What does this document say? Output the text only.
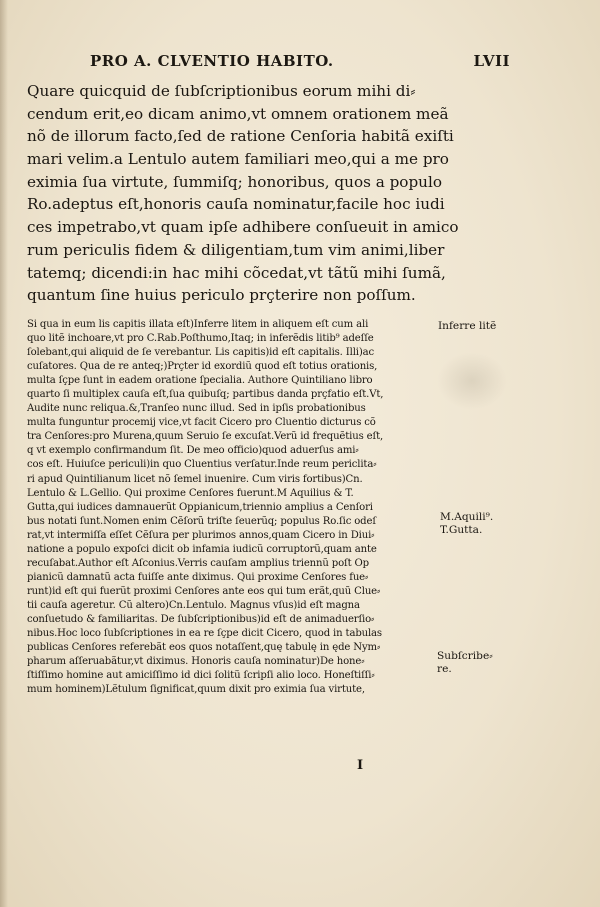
PRO A. CLVENTIO HABITO.	LVII
Quare quicquid de ſubſcriptionibus eorum mihi di⸗
cendum erit,eo dicam animo,vt omnem orationem meã
nõ de illorum facto,ſed de ratione Cenſoria habitã exiſti
mari velim.a Lentulo autem familiari meo,qui a me pro
eximia ſua virtute, ſummiſq; honoribus, quos a populo
Ro.adeptus eſt,honoris cauſa nominatur,facile hoc iudi
ces impetrabo,vt quam ipſe adhibere conſueuit in amico
rum periculis fidem & diligentiam,tum vim animi,liber
tatemq; dicendi:in hac mihi cõcedat,vt tãtũ mihi ſumã,
quantum ſine huius periculo prçterire non poſſum.
Si qua in eum lis capitis illata eſt)Inferre litem in aliquem eſt cum ali
quo litẽ inchoare,vt pro C.Rab.Poſthumo,Itaq; in inferẽdis litib⁹ adeſſe
ſolebant,qui aliquid de ſe verebantur. Lis capitis)id eſt capitalis. Illi)ac
cuſatores. Qua de re anteq;)Prçter id exordiũ quod eſt totius orationis,
multa ſçpe ſunt in eadem oratione ſpecialia. Authore Quintiliano libro
quarto ſi multiplex cauſa eſt,ſua quibuſq; partibus danda prçfatio eſt.Vt,
Audite nunc reliqua.&,Tranſeo nunc illud. Sed in ipſis probationibus
multa funguntur procemij vice,vt facit Cicero pro Cluentio dicturus cõ
tra Cenſores:pro Murena,quum Seruio ſe excuſat.Verũ id frequẽtius eſt,
q vt exemplo confirmandum ſit. De meo officio)quod aduerſus ami⸗
cos eſt. Huiuſce periculi)in quo Cluentius verſatur.Inde reum periclita⸗
ri apud Quintilianum licet nõ ſemel inuenire. Cum viris fortibus)Cn.
Lentulo & L.Gellio. Qui proxime Cenſores fuerunt.M Aquilius & T.
Gutta,qui iudices damnauerũt Oppianicum,triennio amplius a Cenſori
bus notati ſunt.Nomen enim Cẽſorũ triſte ſeuerũq; populus Ro.ſic odeſ
rat,vt intermiſſa eſſet Cẽſura per plurimos annos,quam Cicero in Diui⸗
natione a populo expoſci dicit ob infamia iudicũ corruptorũ,quam ante
recuſabat.Author eſt Aſconius.Verris cauſam amplius triennũ poſt Op
pianicũ damnatũ acta fuiſſe ante diximus. Qui proxime Cenſores fue⸗
runt)id eſt qui fuerũt proximi Cenſores ante eos qui tum erãt,quũ Clue⸗
tii cauſa ageretur. Cũ altero)Cn.Lentulo. Magnus vſus)id eſt magna
conſuetudo & familiaritas. De ſubſcriptionibus)id eſt de animaduerſio⸗
nibus.Hoc loco ſubſcriptiones in ea re ſçpe dicit Cicero, quod in tabulas
publicas Cenſores referebãt eos quos notaſſent,quę tabulę in ęde Nym⸗
pharum aſſeruabãtur,vt diximus. Honoris cauſa nominatur)De hone⸗
ſtiſſimo homine aut amiciſſimo id dici ſolitũ ſcripſi alio loco. Honeſtiſſi⸗
mum hominem)Lẽtulum ſignificat,quum dixit pro eximia ſua virtute,
Inferre litẽ
M.Aquili⁹.
T.Gutta.
Subſcribe⸗
re.
I
